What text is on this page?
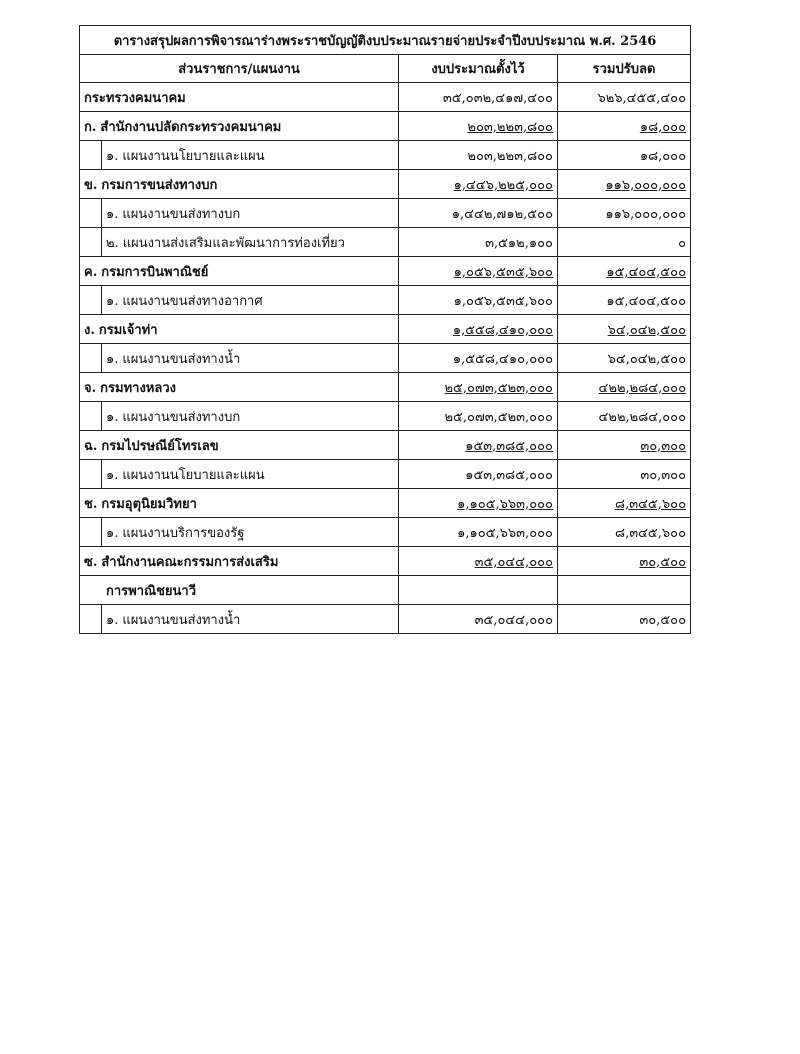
ตารางสรุปผลการพิจารณาร่างพระราชบัญญัติงบประมาณรายจ่ายประจำปีงบประมาณ พ.ศ. 2546			
ส่วนราชการ/แผนงาน		งบประมาณตั้งไว้	รวมปรับลด
กระทรวงคมนาคม		๓๕,๐๓๒,๔๑๗,๔๐๐	๖๒๖,๔๕๕,๔๐๐
ก. สำนักงานปลัดกระทรวงคมนาคม		๒๐๓,๒๒๓,๘๐๐	๑๘,๐๐๐
	๑. แผนงานนโยบายและแผน	๒๐๓,๒๒๓,๘๐๐	๑๘,๐๐๐
ข. กรมการขนส่งทางบก		๑,๔๔๖,๒๒๕,๐๐๐	๑๑๖,๐๐๐,๐๐๐
	๑. แผนงานขนส่งทางบก	๑,๔๔๒,๗๑๒,๕๐๐	๑๑๖,๐๐๐,๐๐๐
	๒. แผนงานส่งเสริมและพัฒนาการท่องเที่ยว	๓,๕๑๒,๑๐๐	๐
ค. กรมการบินพาณิชย์		๑,๐๕๖,๕๓๕,๖๐๐	๑๕,๔๐๔,๕๐๐
	๑. แผนงานขนส่งทางอากาศ	๑,๐๕๖,๕๓๕,๖๐๐	๑๕,๔๐๔,๕๐๐
ง. กรมเจ้าท่า		๑,๕๕๘,๔๑๐,๐๐๐	๖๔,๐๔๒,๕๐๐
	๑. แผนงานขนส่งทางน้ำ	๑,๕๕๘,๔๑๐,๐๐๐	๖๔,๐๔๒,๕๐๐
จ. กรมทางหลวง		๒๕,๐๗๓,๕๒๓,๐๐๐	๔๒๒,๒๘๔,๐๐๐
	๑. แผนงานขนส่งทางบก	๒๕,๐๗๓,๕๒๓,๐๐๐	๔๒๒,๒๘๔,๐๐๐
ฉ. กรมไปรษณีย์โทรเลข		๑๕๓,๓๘๕,๐๐๐	๓๐,๓๐๐
	๑. แผนงานนโยบายและแผน	๑๕๓,๓๘๕,๐๐๐	๓๐,๓๐๐
ช. กรมอุตุนิยมวิทยา		๑,๑๐๕,๖๖๓,๐๐๐	๘,๓๔๕,๖๐๐
	๑. แผนงานบริการของรัฐ	๑,๑๐๕,๖๖๓,๐๐๐	๘,๓๔๕,๖๐๐
ซ. สำนักงานคณะกรรมการส่งเสริม		๓๕,๐๔๔,๐๐๐	๓๐,๕๐๐
การพาณิชยนาวี			
	๑. แผนงานขนส่งทางน้ำ	๓๕,๐๔๔,๐๐๐	๓๐,๕๐๐
